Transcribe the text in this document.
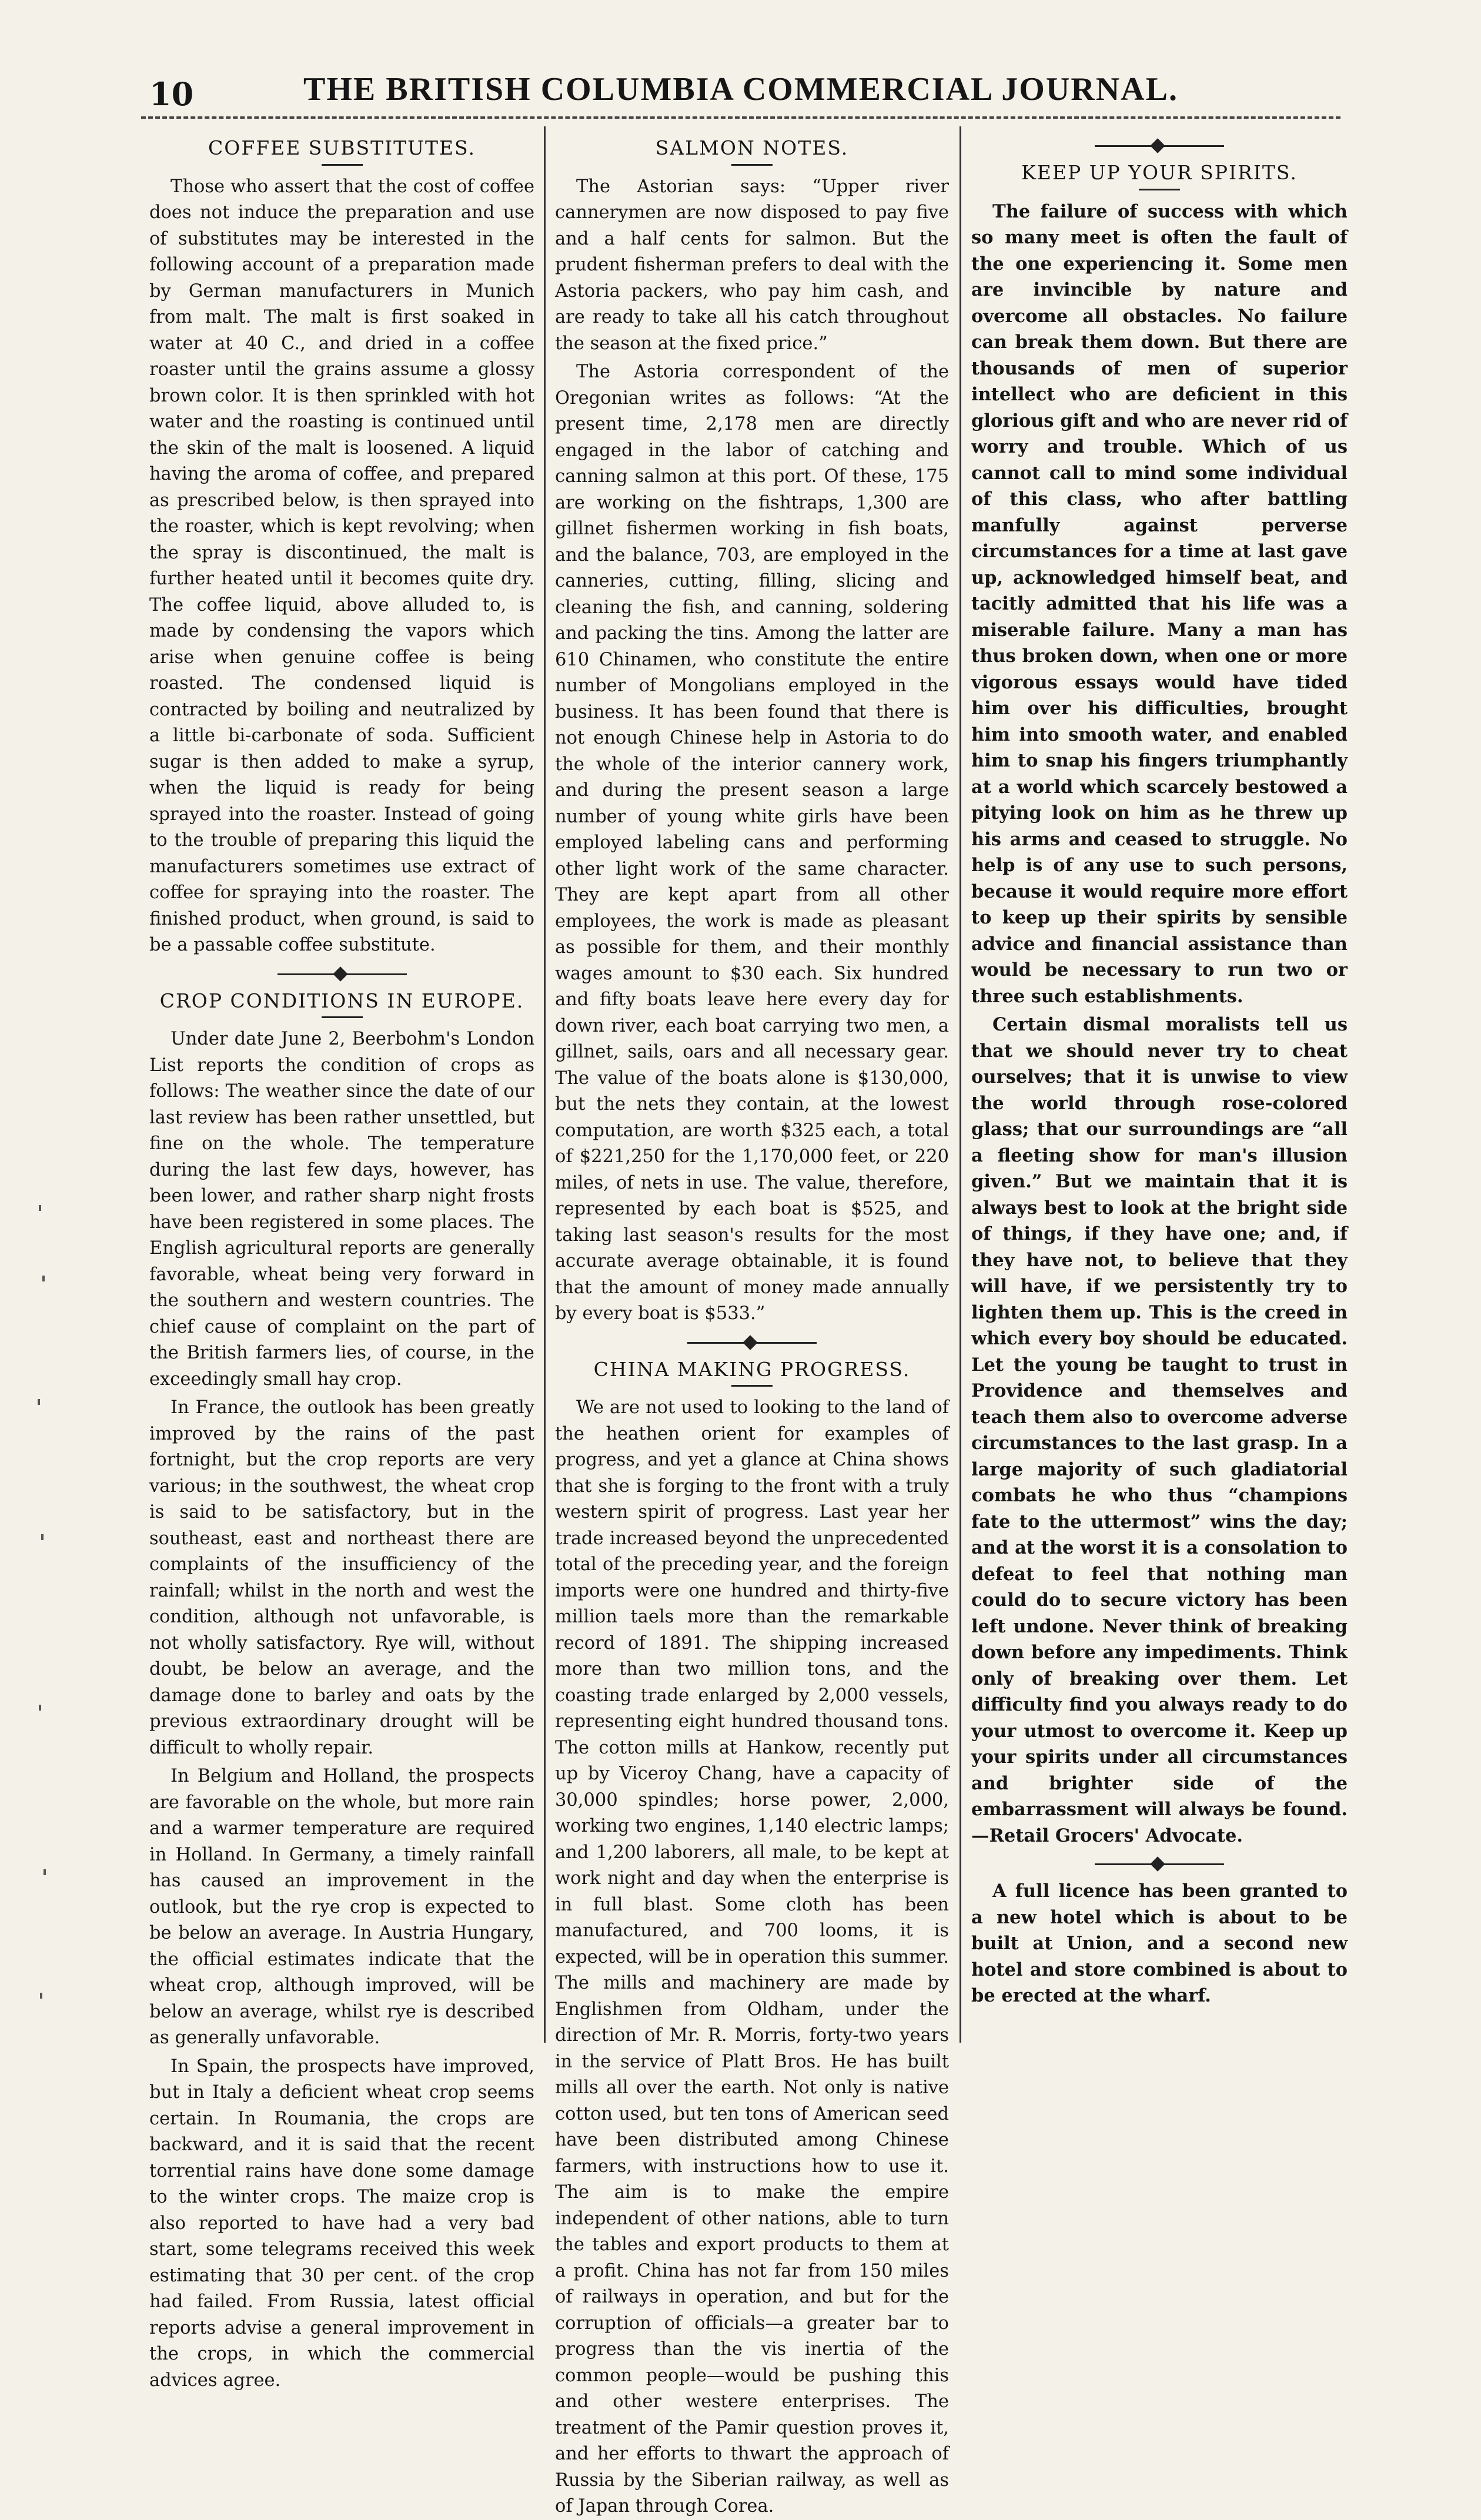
10	THE BRITISH COLUMBIA COMMERCIAL JOURNAL.
COFFEE SUBSTITUTES.

Those who assert that the cost of coffee does not induce the preparation and use of substitutes may be interested in the following account of a preparation made by German manufacturers in Munich from malt. The malt is first soaked in water at 40 C., and dried in a coffee roaster until the grains assume a glossy brown color. It is then sprinkled with hot water and the roasting is continued until the skin of the malt is loosened. A liquid having the aroma of coffee, and prepared as prescribed below, is then sprayed into the roaster, which is kept revolving; when the spray is discontinued, the malt is further heated until it becomes quite dry. The coffee liquid, above alluded to, is made by condensing the vapors which arise when genuine coffee is being roasted. The condensed liquid is contracted by boiling and neutralized by a little bi-carbonate of soda. Sufficient sugar is then added to make a syrup, when the liquid is ready for being sprayed into the roaster. Instead of going to the trouble of preparing this liquid the manufacturers sometimes use extract of coffee for spraying into the roaster. The finished product, when ground, is said to be a passable coffee substitute.

CROP CONDITIONS IN EUROPE.

Under date June 2, Beerbohm's London List reports the condition of crops as follows: The weather since the date of our last review has been rather unsettled, but fine on the whole. The temperature during the last few days, however, has been lower, and rather sharp night frosts have been registered in some places. The English agricultural reports are generally favorable, wheat being very forward in the southern and western countries. The chief cause of complaint on the part of the British farmers lies, of course, in the exceedingly small hay crop.

In France, the outlook has been greatly improved by the rains of the past fortnight, but the crop reports are very various; in the southwest, the wheat crop is said to be satisfactory, but in the southeast, east and northeast there are complaints of the insufficiency of the rainfall; whilst in the north and west the condition, although not unfavorable, is not wholly satisfactory. Rye will, without doubt, be below an average, and the damage done to barley and oats by the previous extraordinary drought will be difficult to wholly repair.

In Belgium and Holland, the prospects are favorable on the whole, but more rain and a warmer temperature are required in Holland. In Germany, a timely rainfall has caused an improvement in the outlook, but the rye crop is expected to be below an average. In Austria Hungary, the official estimates indicate that the wheat crop, although improved, will be below an average, whilst rye is described as generally unfavorable.

In Spain, the prospects have improved, but in Italy a deficient wheat crop seems certain. In Roumania, the crops are backward, and it is said that the recent torrential rains have done some damage to the winter crops. The maize crop is also reported to have had a very bad start, some telegrams received this week estimating that 30 per cent. of the crop had failed. From Russia, latest official reports advise a general improvement in the crops, in which the commercial advices agree.

SALMON NOTES.

The Astorian says: “Upper river cannerymen are now disposed to pay five and a half cents for salmon. But the prudent fisherman prefers to deal with the Astoria packers, who pay him cash, and are ready to take all his catch throughout the season at the fixed price.”

The Astoria correspondent of the Oregonian writes as follows: “At the present time, 2,178 men are directly engaged in the labor of catching and canning salmon at this port. Of these, 175 are working on the fishtraps, 1,300 are gillnet fishermen working in fish boats, and the balance, 703, are employed in the canneries, cutting, filling, slicing and cleaning the fish, and canning, soldering and packing the tins. Among the latter are 610 Chinamen, who constitute the entire number of Mongolians employed in the business. It has been found that there is not enough Chinese help in Astoria to do the whole of the interior cannery work, and during the present season a large number of young white girls have been employed labeling cans and performing other light work of the same character. They are kept apart from all other employees, the work is made as pleasant as possible for them, and their monthly wages amount to $30 each. Six hundred and fifty boats leave here every day for down river, each boat carrying two men, a gillnet, sails, oars and all necessary gear. The value of the boats alone is $130,000, but the nets they contain, at the lowest computation, are worth $325 each, a total of $221,250 for the 1,170,000 feet, or 220 miles, of nets in use. The value, therefore, represented by each boat is $525, and taking last season's results for the most accurate average obtainable, it is found that the amount of money made annually by every boat is $533.”

CHINA MAKING PROGRESS.

We are not used to looking to the land of the heathen orient for examples of progress, and yet a glance at China shows that she is forging to the front with a truly western spirit of progress. Last year her trade increased beyond the unprecedented total of the preceding year, and the foreign imports were one hundred and thirty-five million taels more than the remarkable record of 1891. The shipping increased more than two million tons, and the coasting trade enlarged by 2,000 vessels, representing eight hundred thousand tons. The cotton mills at Hankow, recently put up by Viceroy Chang, have a capacity of 30,000 spindles; horse power, 2,000, working two engines, 1,140 electric lamps; and 1,200 laborers, all male, to be kept at work night and day when the enterprise is in full blast. Some cloth has been manufactured, and 700 looms, it is expected, will be in operation this summer. The mills and machinery are made by Englishmen from Oldham, under the direction of Mr. R. Morris, forty-two years in the service of Platt Bros. He has built mills all over the earth. Not only is native cotton used, but ten tons of American seed have been distributed among Chinese farmers, with instructions how to use it. The aim is to make the empire independent of other nations, able to turn the tables and export products to them at a profit. China has not far from 150 miles of railways in operation, and but for the corruption of officials—a greater bar to progress than the vis inertia of the common people—would be pushing this and other westere enterprises. The treatment of the Pamir question proves it, and her efforts to thwart the approach of Russia by the Siberian railway, as well as of Japan through Corea.

KEEP UP YOUR SPIRITS.

The failure of success with which so many meet is often the fault of the one experiencing it. Some men are invincible by nature and overcome all obstacles. No failure can break them down. But there are thousands of men of superior intellect who are deficient in this glorious gift and who are never rid of worry and trouble. Which of us cannot call to mind some individual of this class, who after battling manfully against perverse circumstances for a time at last gave up, acknowledged himself beat, and tacitly admitted that his life was a miserable failure. Many a man has thus broken down, when one or more vigorous essays would have tided him over his difficulties, brought him into smooth water, and enabled him to snap his fingers triumphantly at a world which scarcely bestowed a pitying look on him as he threw up his arms and ceased to struggle. No help is of any use to such persons, because it would require more effort to keep up their spirits by sensible advice and financial assistance than would be necessary to run two or three such establishments.

Certain dismal moralists tell us that we should never try to cheat ourselves; that it is unwise to view the world through rose-colored glass; that our surroundings are “all a fleeting show for man's illusion given.” But we maintain that it is always best to look at the bright side of things, if they have one; and, if they have not, to believe that they will have, if we persistently try to lighten them up. This is the creed in which every boy should be educated. Let the young be taught to trust in Providence and themselves and teach them also to overcome adverse circumstances to the last grasp. In a large majority of such gladiatorial combats he who thus “champions fate to the uttermost” wins the day; and at the worst it is a consolation to defeat to feel that nothing man could do to secure victory has been left undone. Never think of breaking down before any impediments. Think only of breaking over them. Let difficulty find you always ready to do your utmost to overcome it. Keep up your spirits under all circumstances and brighter side of the embarrassment will always be found.—Retail Grocers' Advocate.

A full licence has been granted to a new hotel which is about to be built at Union, and a second new hotel and store combined is about to be erected at the wharf.
